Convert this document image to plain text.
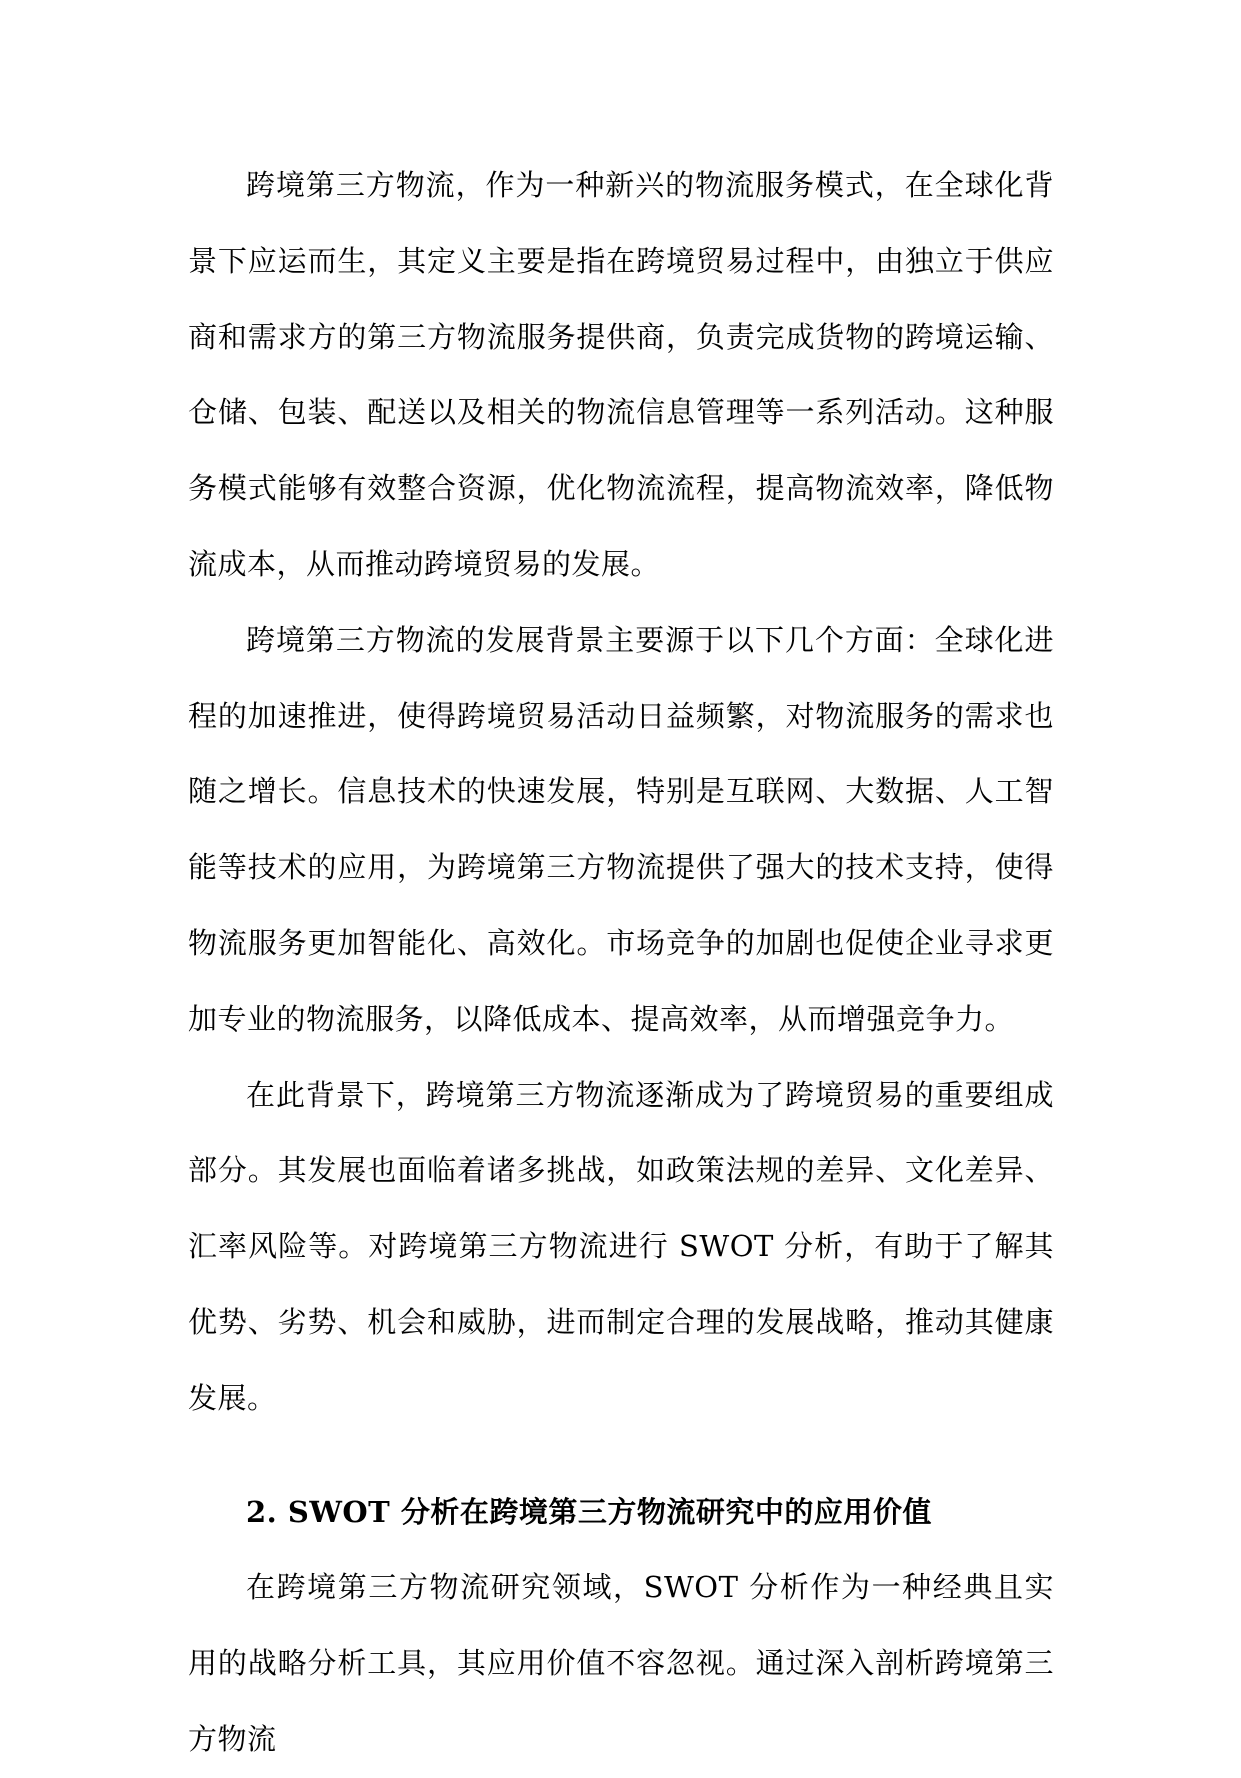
跨境第三方物流，作为一种新兴的物流服务模式，在全球化背景下应运而生，其定义主要是指在跨境贸易过程中，由独立于供应商和需求方的第三方物流服务提供商，负责完成货物的跨境运输、仓储、包装、配送以及相关的物流信息管理等一系列活动。这种服务模式能够有效整合资源，优化物流流程，提高物流效率，降低物流成本，从而推动跨境贸易的发展。

跨境第三方物流的发展背景主要源于以下几个方面：全球化进程的加速推进，使得跨境贸易活动日益频繁，对物流服务的需求也随之增长。信息技术的快速发展，特别是互联网、大数据、人工智能等技术的应用，为跨境第三方物流提供了强大的技术支持，使得物流服务更加智能化、高效化。市场竞争的加剧也促使企业寻求更加专业的物流服务，以降低成本、提高效率，从而增强竞争力。

在此背景下，跨境第三方物流逐渐成为了跨境贸易的重要组成部分。其发展也面临着诸多挑战，如政策法规的差异、文化差异、汇率风险等。对跨境第三方物流进行 SWOT 分析，有助于了解其优势、劣势、机会和威胁，进而制定合理的发展战略，推动其健康发展。

2. SWOT 分析在跨境第三方物流研究中的应用价值

在跨境第三方物流研究领域，SWOT 分析作为一种经典且实用的战略分析工具，其应用价值不容忽视。通过深入剖析跨境第三方物流
